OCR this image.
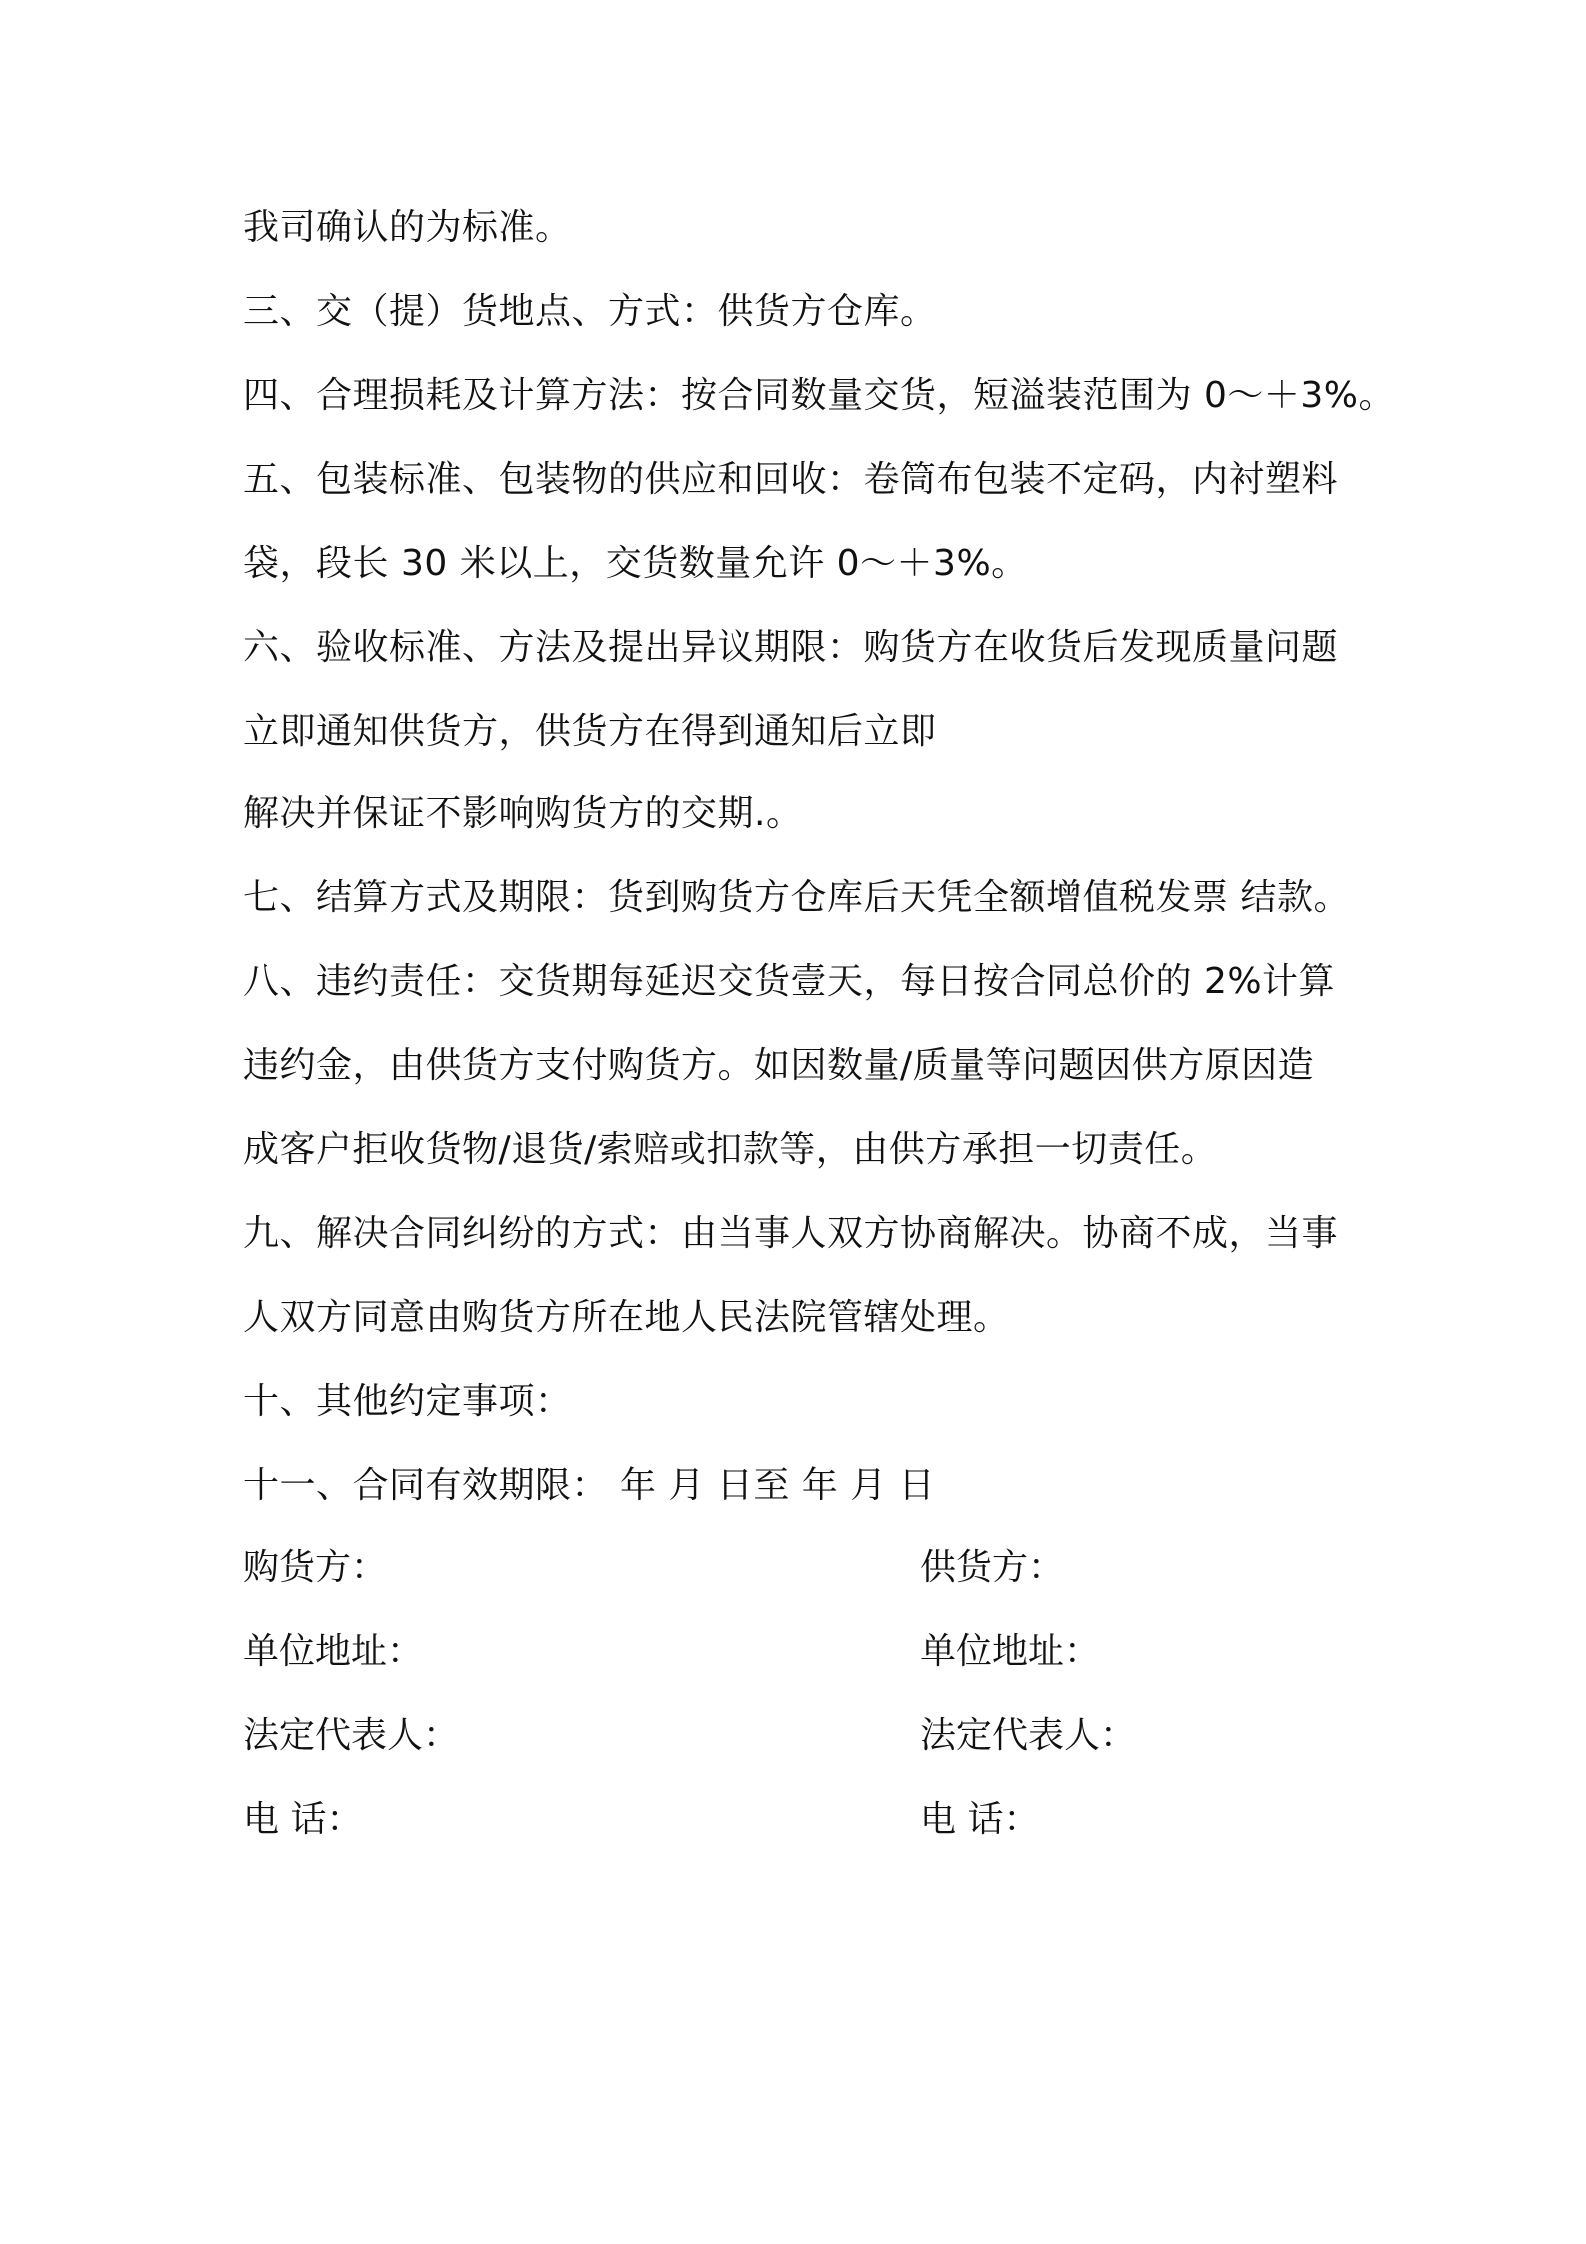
我司确认的为标准。
三、交（提）货地点、方式：供货方仓库。
四、合理损耗及计算方法：按合同数量交货，短溢装范围为 0～＋3%。
五、包装标准、包装物的供应和回收：卷筒布包装不定码，内衬塑料
袋，段长 30 米以上，交货数量允许 0～＋3%。
六、验收标准、方法及提出异议期限：购货方在收货后发现质量问题
立即通知供货方，供货方在得到通知后立即
解决并保证不影响购货方的交期.。
七、结算方式及期限：货到购货方仓库后天凭全额增值税发票 结款。
八、违约责任：交货期每延迟交货壹天，每日按合同总价的 2%计算
违约金，由供货方支付购货方。如因数量/质量等问题因供方原因造
成客户拒收货物/退货/索赔或扣款等，由供方承担一切责任。
九、解决合同纠纷的方式：由当事人双方协商解决。协商不成，当事
人双方同意由购货方所在地人民法院管辖处理。
十、其他约定事项：
十一、合同有效期限： 年 月 日至 年 月 日
购货方：	供货方：
单位地址：	单位地址：
法定代表人：	法定代表人：
电 话：	电 话：
